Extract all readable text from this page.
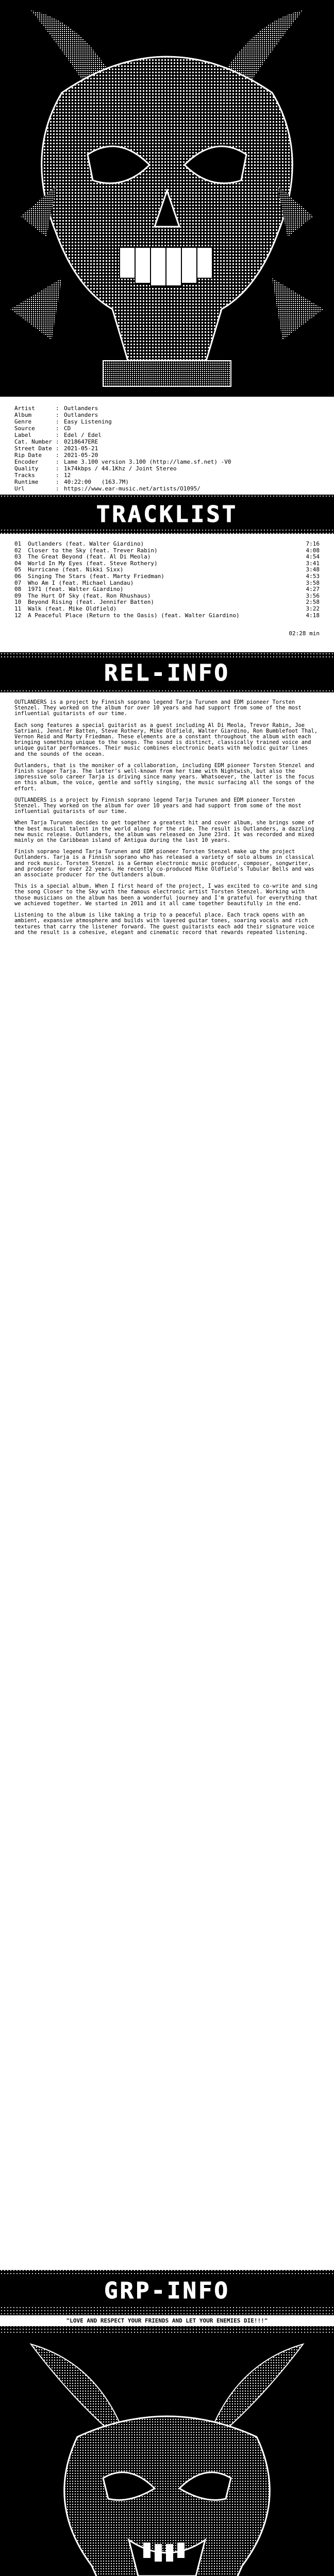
Artist	: Outlanders
Album	: Outlanders
Genre	: Easy Listening
Source	: CD
Label	: Edel / Edel
Cat. Number : 0218647ERE
Street Date : 2021-05-21
Rip Date	: 2021-05-20
Encoder	: Lame 3.100 version 3.100 (http://lame.sf.net) -V0
Quality	: 1k74kbps / 44.1Khz / Joint Stereo
Tracks	: 12
Runtime	: 40:22:00   (163.7M)
Url	: https://www.ear-music.net/artists/O1095/
TRACKLIST
01	Outlanders (feat. Walter Giardino)	7:16
02	Closer to the Sky (feat. Trever Rabin)	4:08
03	The Great Beyond (feat. Al Di Meola)	4:54
04	World In My Eyes (feat. Steve Rothery)	3:41
05	Hurricane (feat. Nikki Sixx)	3:48
06	Singing The Stars (feat. Marty Friedman)	4:53
07	Who Am I (feat. Michael Landau)	3:58
08	1971 (feat. Walter Giardino)	4:27
09	The Hurt Of Sky (feat. Ron Rhushaus)	3:56
10	Beyond Rising (feat. Jennifer Batten)	2:58
11	Walk (feat. Mike Oldfield)	3:22
12	A Peaceful Place (Return to the Oasis) (feat. Walter Giardino)	4:18
02:28 min
REL-INFO

OUTLANDERS is a project by Finnish soprano legend Tarja Turunen and EDM pioneer Torsten Stenzel. They worked on the album for over 10 years and had support from some of the most influential guitarists of our time.

Each song features a special guitarist as a guest including Al Di Meola, Trevor Rabin, Joe Satriani, Jennifer Batten, Steve Rothery, Mike Oldfield, Walter Giardino, Ron Bumblefoot Thal, Vernon Reid and Marty Friedman. These elements are a constant throughout the album with each bringing something unique to the songs. The sound is distinct, classically trained voice and unique guitar performances. Their music combines electronic beats with melodic guitar lines and the sounds of the ocean.

Outlanders, that is the moniker of a collaboration, including EDM pioneer Torsten Stenzel and Finish singer Tarja. The latter's well-known from her time with Nightwish, but also the impressive solo career Tarja is driving since many years. Whatsoever, the latter is the focus on this album, the voice, gentle and softly singing, the music surfacing all the songs of the effort.

OUTLANDERS is a project by Finnish soprano legend Tarja Turunen and EDM pioneer Torsten Stenzel. They worked on the album for over 10 years and had support from some of the most influential guitarists of our time.

When Tarja Turunen decides to get together a greatest hit and cover album, she brings some of the best musical talent in the world along for the ride. The result is Outlanders, a dazzling new music release. Outlanders, the album was released on June 23rd. It was recorded and mixed mainly on the Caribbean island of Antigua during the last 10 years.

Finish soprano legend Tarja Turunen and EDM pioneer Torsten Stenzel make up the project Outlanders. Tarja is a Finnish soprano who has released a variety of solo albums in classical and rock music. Torsten Stenzel is a German electronic music producer, composer, songwriter, and producer for over 22 years. He recently co-produced Mike Oldfield's Tubular Bells and was an associate producer for the Outlanders album.

This is a special album. When I first heard of the project, I was excited to co-write and sing the song Closer to the Sky with the famous electronic artist Torsten Stenzel. Working with those musicians on the album has been a wonderful journey and I'm grateful for everything that we achieved together. We started in 2011 and it all came together beautifully in the end.

Listening to the album is like taking a trip to a peaceful place. Each track opens with an ambient, expansive atmosphere and builds with layered guitar tones, soaring vocals and rich textures that carry the listener forward. The guest guitarists each add their signature voice and the result is a cohesive, elegant and cinematic record that rewards repeated listening.

GRP-INFO
"LOVE AND RESPECT YOUR FRIENDS AND LET YOUR ENEMIES DIE!!!"
